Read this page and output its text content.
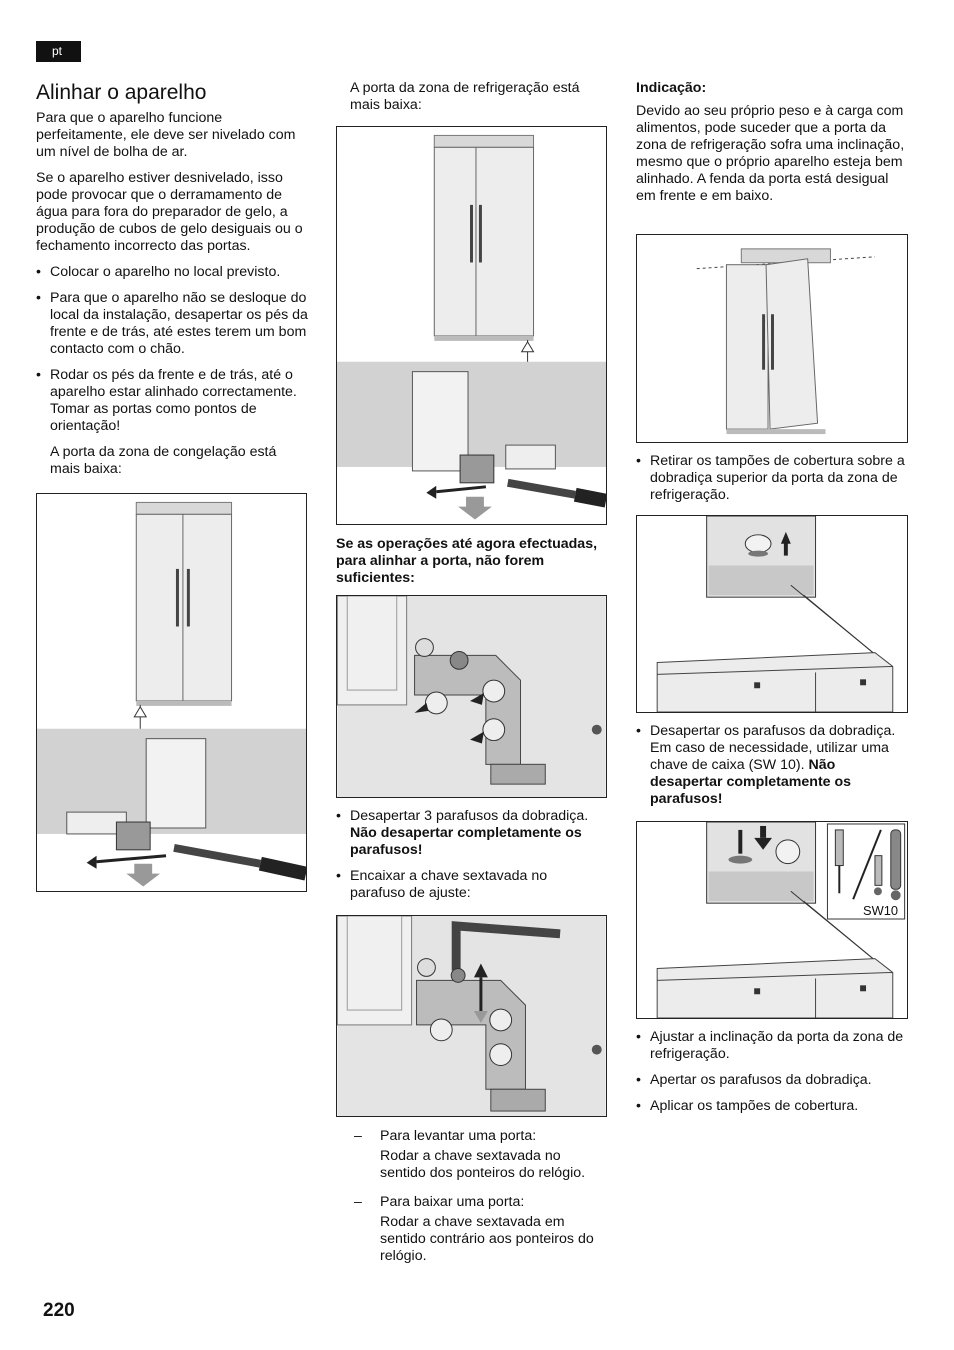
pt
Alinhar o aparelho

Para que o aparelho funcione perfeitamente, ele deve ser nivelado com um nível de bolha de ar.

Se o aparelho estiver desnivelado, isso pode provocar que o derramamento de água para fora do preparador de gelo, a produção de cubos de gelo desiguais ou o fechamento incorrecto das portas.

• Colocar o aparelho no local previsto.
• Para que o aparelho não se desloque do local da instalação, desapertar os pés da frente e de trás, até estes terem um bom contacto com o chão.
• Rodar os pés da frente e de trás, até o aparelho estar alinhado correctamente. Tomar as portas como pontos de orientação!

A porta da zona de congelação está mais baixa:

A porta da zona de refrigeração está mais baixa:

Se as operações até agora efectuadas, para alinhar a porta, não forem suficientes:

• Desapertar 3 parafusos da dobradiça. Não desapertar completamente os parafusos!
• Encaixar a chave sextavada no parafuso de ajuste:
– Para levantar uma porta:
Rodar a chave sextavada no sentido dos ponteiros do relógio.
– Para baixar uma porta:
Rodar a chave sextavada em sentido contrário aos ponteiros do relógio.

Indicação:

Devido ao seu próprio peso e à carga com alimentos, pode suceder que a porta da zona de refrigeração sofra uma inclinação, mesmo que o próprio aparelho esteja bem alinhado. A fenda da porta está desigual em frente e em baixo.

• Retirar os tampões de cobertura sobre a dobradiça superior da porta da zona de refrigeração.
• Desapertar os parafusos da dobradiça. Em caso de necessidade, utilizar uma chave de caixa (SW 10). Não desapertar completamente os parafusos!
SW10
• Ajustar a inclinação da porta da zona de refrigeração.
• Apertar os parafusos da dobradiça.
• Aplicar os tampões de cobertura.
220
